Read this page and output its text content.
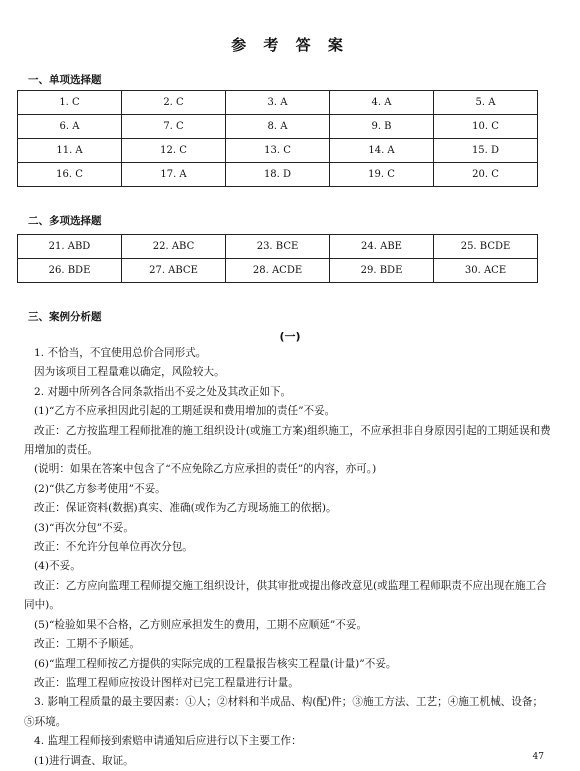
参 考 答 案
一、单项选择题
1. C	2. C	3. A	4. A	5. A
6. A	7. C	8. A	9. B	10. C
11. A	12. C	13. C	14. A	15. D
16. C	17. A	18. D	19. C	20. C
二、多项选择题
21. ABD	22. ABC	23. BCE	24. ABE	25. BCDE
26. BDE	27. ABCE	28. ACDE	29. BDE	30. ACE
三、案例分析题
(一)

1. 不恰当，不宜使用总价合同形式。

因为该项目工程量难以确定，风险较大。

2. 对题中所列各合同条款指出不妥之处及其改正如下。

(1)“乙方不应承担因此引起的工期延误和费用增加的责任”不妥。

改正：乙方按监理工程师批准的施工组织设计(或施工方案)组织施工，不应承担非自身原因引起的工期延误和费用增加的责任。

(说明：如果在答案中包含了“不应免除乙方应承担的责任”的内容，亦可。)

(2)“供乙方参考使用”不妥。

改正：保证资料(数据)真实、准确(或作为乙方现场施工的依据)。

(3)“再次分包”不妥。

改正：不允许分包单位再次分包。

(4)不妥。

改正：乙方应向监理工程师提交施工组织设计，供其审批或提出修改意见(或监理工程师职责不应出现在施工合同中)。

(5)“检验如果不合格，乙方则应承担发生的费用，工期不应顺延”不妥。

改正：工期不予顺延。

(6)“监理工程师按乙方提供的实际完成的工程量报告核实工程量(计量)”不妥。

改正：监理工程师应按设计图样对已完工程量进行计量。

3. 影响工程质量的最主要因素：①人；②材料和半成品、构(配)件；③施工方法、工艺；④施工机械、设备；⑤环境。

4. 监理工程师接到索赔申请通知后应进行以下主要工作：

(1)进行调查、取证。	47
